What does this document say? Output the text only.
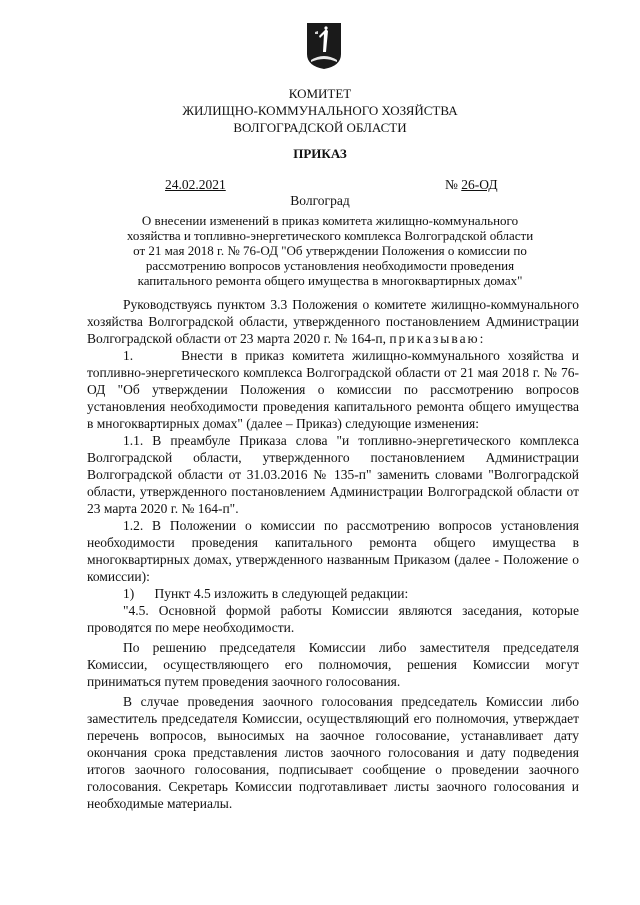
КОМИТЕТ
ЖИЛИЩНО-КОММУНАЛЬНОГО ХОЗЯЙСТВА
ВОЛГОГРАДСКОЙ ОБЛАСТИ
ПРИКАЗ
24.02.2021	№ 26-ОД
Волгоград
О внесении изменений в приказ комитета жилищно-коммунального
хозяйства и топливно-энергетического комплекса Волгоградской области
от 21 мая 2018 г. № 76-ОД "Об утверждении Положения о комиссии по
рассмотрению вопросов установления необходимости проведения
капитального ремонта общего имущества в многоквартирных домах"

Руководствуясь пунктом 3.3 Положения о комитете жилищно-коммунального хозяйства Волгоградской области, утвержденного постановлением Администрации Волгоградской области от 23 марта 2020 г. № 164-п, приказываю:

1.      Внести в приказ комитета жилищно-коммунального хозяйства и топливно-энергетического комплекса Волгоградской области от 21 мая 2018 г. № 76-ОД "Об утверждении Положения о комиссии по рассмотрению вопросов установления необходимости проведения капитального ремонта общего имущества в многоквартирных домах" (далее – Приказ) следующие изменения:

1.1. В преамбуле Приказа слова "и топливно-энергетического комплекса Волгоградской области, утвержденного постановлением Администрации Волгоградской области от 31.03.2016 № 135-п" заменить словами "Волгоградской области, утвержденного постановлением Администрации Волгоградской области от 23 марта 2020 г. № 164-п".

1.2. В Положении о комиссии по рассмотрению вопросов установления необходимости проведения капитального ремонта общего имущества в многоквартирных домах, утвержденного названным Приказом (далее - Положение о комиссии):

1)      Пункт 4.5 изложить в следующей редакции:

"4.5. Основной формой работы Комиссии являются заседания, которые проводятся по мере необходимости.

По решению председателя Комиссии либо заместителя председателя Комиссии, осуществляющего его полномочия, решения Комиссии могут приниматься путем проведения заочного голосования.

В случае проведения заочного голосования председатель Комиссии либо заместитель председателя Комиссии, осуществляющий его полномочия, утверждает перечень вопросов, выносимых на заочное голосование, устанавливает дату окончания срока представления листов заочного голосования и дату подведения итогов заочного голосования, подписывает сообщение о проведении заочного голосования. Секретарь Комиссии подготавливает листы заочного голосования и необходимые материалы.
